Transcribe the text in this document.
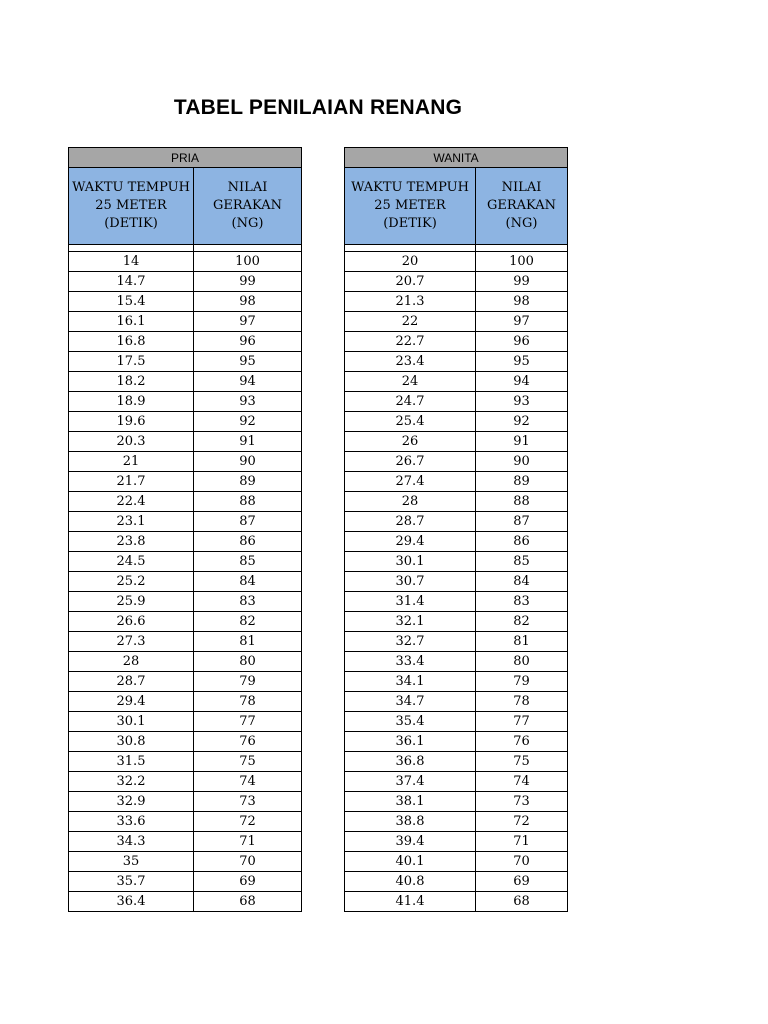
TABEL PENILAIAN RENANG
PRIA	

WAKTU TEMPUH
25 METER
(DETIK)	NILAI
GERAKAN
(NG)

14	100
14.7	99
15.4	98
16.1	97
16.8	96
17.5	95
18.2	94
18.9	93
19.6	92
20.3	91
21	90
21.7	89
22.4	88
23.1	87
23.8	86
24.5	85
25.2	84
25.9	83
26.6	82
27.3	81
28	80
28.7	79
29.4	78
30.1	77
30.8	76
31.5	75
32.2	74
32.9	73
33.6	72
34.3	71
35	70
35.7	69
36.4	68
WANITA	

WAKTU TEMPUH
25 METER
(DETIK)	NILAI
GERAKAN
(NG)

20	100
20.7	99
21.3	98
22	97
22.7	96
23.4	95
24	94
24.7	93
25.4	92
26	91
26.7	90
27.4	89
28	88
28.7	87
29.4	86
30.1	85
30.7	84
31.4	83
32.1	82
32.7	81
33.4	80
34.1	79
34.7	78
35.4	77
36.1	76
36.8	75
37.4	74
38.1	73
38.8	72
39.4	71
40.1	70
40.8	69
41.4	68
